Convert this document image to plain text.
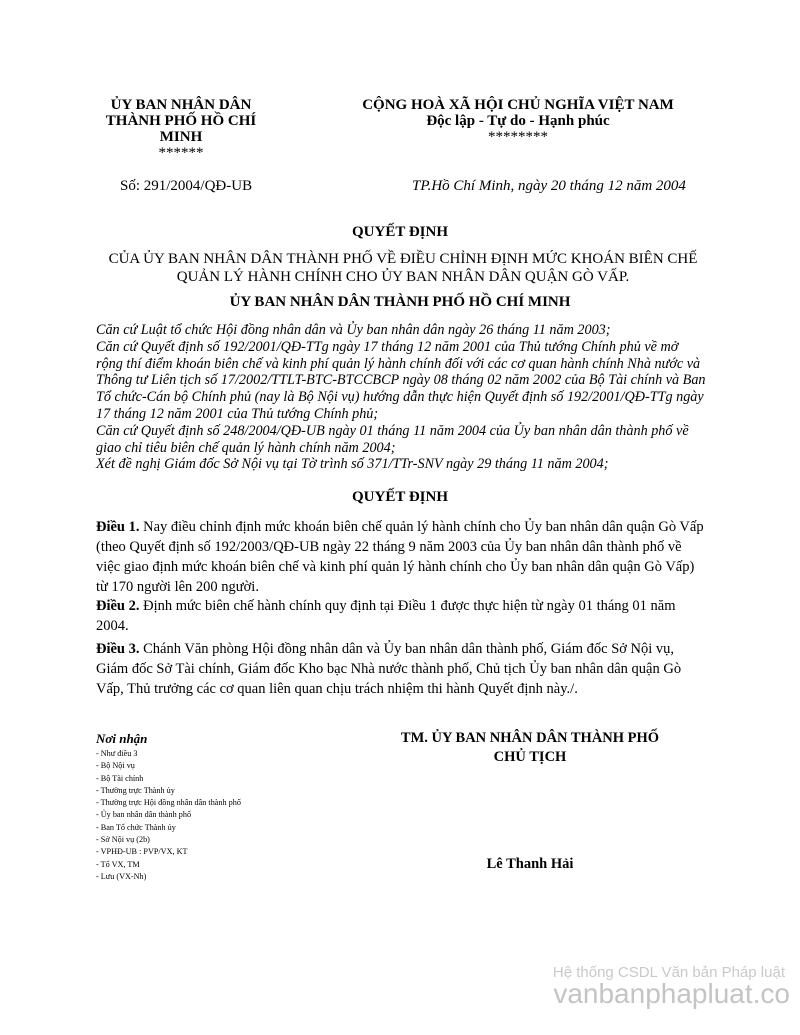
ỦY BAN NHÂN DÂN
THÀNH PHỐ HỒ CHÍ
MINH
******
CỘNG HOÀ XÃ HỘI CHỦ NGHĨA VIỆT NAM
Độc lập - Tự do - Hạnh phúc
********
Số: 291/2004/QĐ-UB	TP.Hồ Chí Minh, ngày 20 tháng 12 năm 2004
QUYẾT ĐỊNH
CỦA ỦY BAN NHÂN DÂN THÀNH PHỐ VỀ ĐIỀU CHỈNH ĐỊNH MỨC KHOÁN BIÊN CHẾ QUẢN LÝ HÀNH CHÍNH CHO ỦY BAN NHÂN DÂN QUẬN GÒ VẤP.
ỦY BAN NHÂN DÂN THÀNH PHỐ HỒ CHÍ MINH

Căn cứ Luật tổ chức Hội đồng nhân dân và Ủy ban nhân dân ngày 26 tháng 11 năm 2003;

Căn cứ Quyết định số 192/2001/QĐ-TTg ngày 17 tháng 12 năm 2001 của Thủ tướng Chính phủ về mở rộng thí điểm khoán biên chế và kinh phí quản lý hành chính đối với các cơ quan hành chính Nhà nước và Thông tư Liên tịch số 17/2002/TTLT-BTC-BTCCBCP ngày 08 tháng 02 năm 2002 của Bộ Tài chính và Ban Tổ chức-Cán bộ Chính phủ (nay là Bộ Nội vụ) hướng dẫn thực hiện Quyết định số 192/2001/QĐ-TTg ngày 17 tháng 12 năm 2001 của Thủ tướng Chính phủ;

Căn cứ Quyết định số 248/2004/QĐ-UB ngày 01 tháng 11 năm 2004 của Ủy ban nhân dân thành phố về giao chỉ tiêu biên chế quản lý hành chính năm 2004;

Xét đề nghị Giám đốc Sở Nội vụ tại Tờ trình số 371/TTr-SNV ngày 29 tháng 11 năm 2004;

QUYẾT ĐỊNH

Điều 1. Nay điều chỉnh định mức khoán biên chế quản lý hành chính cho Ủy ban nhân dân quận Gò Vấp (theo Quyết định số 192/2003/QĐ-UB ngày 22 tháng 9 năm 2003 của Ủy ban nhân dân thành phố về việc giao định mức khoán biên chế và kinh phí quản lý hành chính cho Ủy ban nhân dân quận Gò Vấp) từ 170 người lên 200 người.

Điều 2. Định mức biên chế hành chính quy định tại Điều 1 được thực hiện từ ngày 01 tháng 01 năm 2004.

Điều 3. Chánh Văn phòng Hội đồng nhân dân và Ủy ban nhân dân thành phố, Giám đốc Sở Nội vụ, Giám đốc Sở Tài chính, Giám đốc Kho bạc Nhà nước thành phố, Chủ tịch Ủy ban nhân dân quận Gò Vấp, Thủ trưởng các cơ quan liên quan chịu trách nhiệm thi hành Quyết định này./.

Nơi nhận

- Như điều 3
- Bộ Nội vụ
- Bộ Tài chính
- Thường trực Thành ủy
- Thường trực Hội đồng nhân dân thành phố
- Ủy ban nhân dân thành phố
- Ban Tổ chức Thành ủy
- Sở Nội vụ (2b)
- VPHĐ-UB : PVP/VX, KT
- Tổ VX, TM
- Lưu (VX-Nh)
TM. ỦY BAN NHÂN DÂN THÀNH PHỐ
CHỦ TỊCH
Lê Thanh Hải
Hệ thống CSDL Văn bản Pháp luật
vanbanphapluat.co
